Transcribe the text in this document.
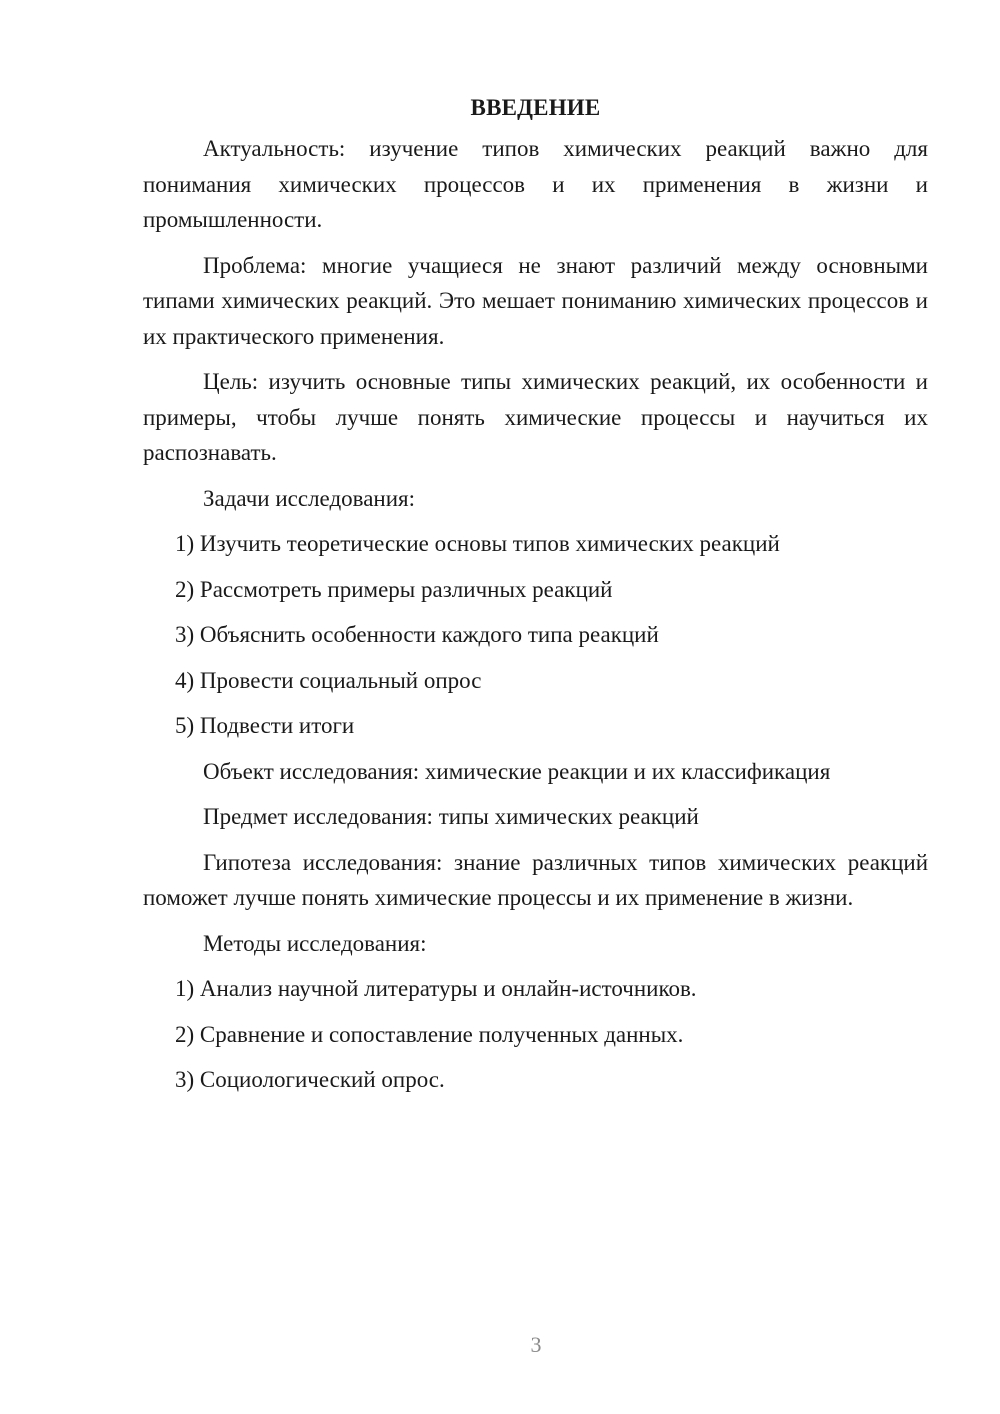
ВВЕДЕНИЕ

Актуальность: изучение типов химических реакций важно для понимания химических процессов и их применения в жизни и промышленности.

Проблема: многие учащиеся не знают различий между основными типами химических реакций. Это мешает пониманию химических процессов и их практического применения.

Цель: изучить основные типы химических реакций, их особенности и примеры, чтобы лучше понять химические процессы и научиться их распознавать.

Задачи исследования:
1) Изучить теоретические основы типов химических реакций
2) Рассмотреть примеры различных реакций
3) Объяснить особенности каждого типа реакций
4) Провести социальный опрос
5) Подвести итоги
Объект исследования: химические реакции и их классификация
Предмет исследования: типы химических реакций

Гипотеза исследования: знание различных типов химических реакций поможет лучше понять химические процессы и их применение в жизни.

Методы исследования:
1) Анализ научной литературы и онлайн-источников.
2) Сравнение и сопоставление полученных данных.
3) Социологический опрос.
3
